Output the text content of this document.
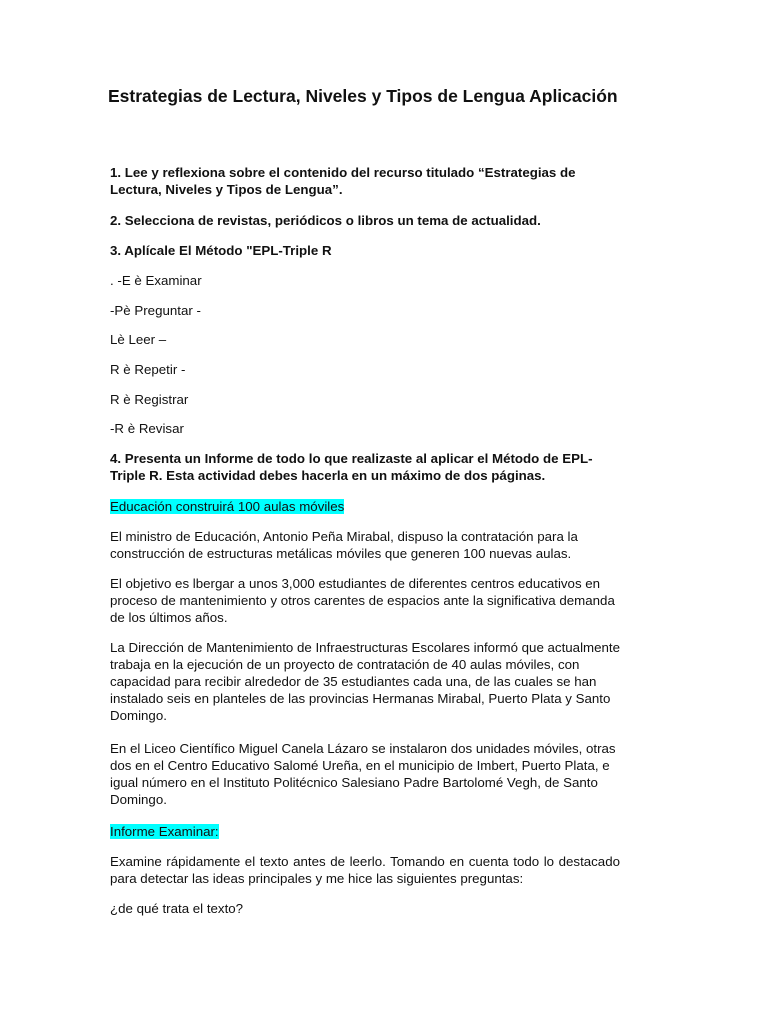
Estrategias de Lectura, Niveles y Tipos de Lengua Aplicación

1. Lee y reflexiona sobre el contenido del recurso titulado “Estrategias de
Lectura, Niveles y Tipos de Lengua”.

2. Selecciona de revistas, periódicos o libros un tema de actualidad.

3. Aplícale El Método "EPL-Triple R

. -E è Examinar

-Pè Preguntar -

Lè Leer –

R è Repetir -

R è Registrar

-R è Revisar

4. Presenta un Informe de todo lo que realizaste al aplicar el Método de EPL-
Triple R. Esta actividad debes hacerla en un máximo de dos páginas.

Educación construirá 100 aulas móviles

El ministro de Educación, Antonio Peña Mirabal, dispuso la contratación para la construcción de estructuras metálicas móviles que generen 100 nuevas aulas.

El objetivo es lbergar a unos 3,000 estudiantes de diferentes centros educativos en proceso de mantenimiento y otros carentes de espacios ante la significativa demanda de los últimos años.

La Dirección de Mantenimiento de Infraestructuras Escolares informó que actualmente trabaja en la ejecución de un proyecto de contratación de 40 aulas móviles, con capacidad para recibir alrededor de 35 estudiantes cada una, de las cuales se han instalado seis en planteles de las provincias Hermanas Mirabal, Puerto Plata y Santo Domingo.

En el Liceo Científico Miguel Canela Lázaro se instalaron dos unidades móviles, otras dos en el Centro Educativo Salomé Ureña, en el municipio de Imbert, Puerto Plata, e igual número en el Instituto Politécnico Salesiano Padre Bartolomé Vegh, de Santo Domingo.

Informe Examinar:

Examine rápidamente el texto antes de leerlo. Tomando en cuenta todo lo destacado para detectar las ideas principales y me hice las siguientes preguntas:

¿de qué trata el texto?
